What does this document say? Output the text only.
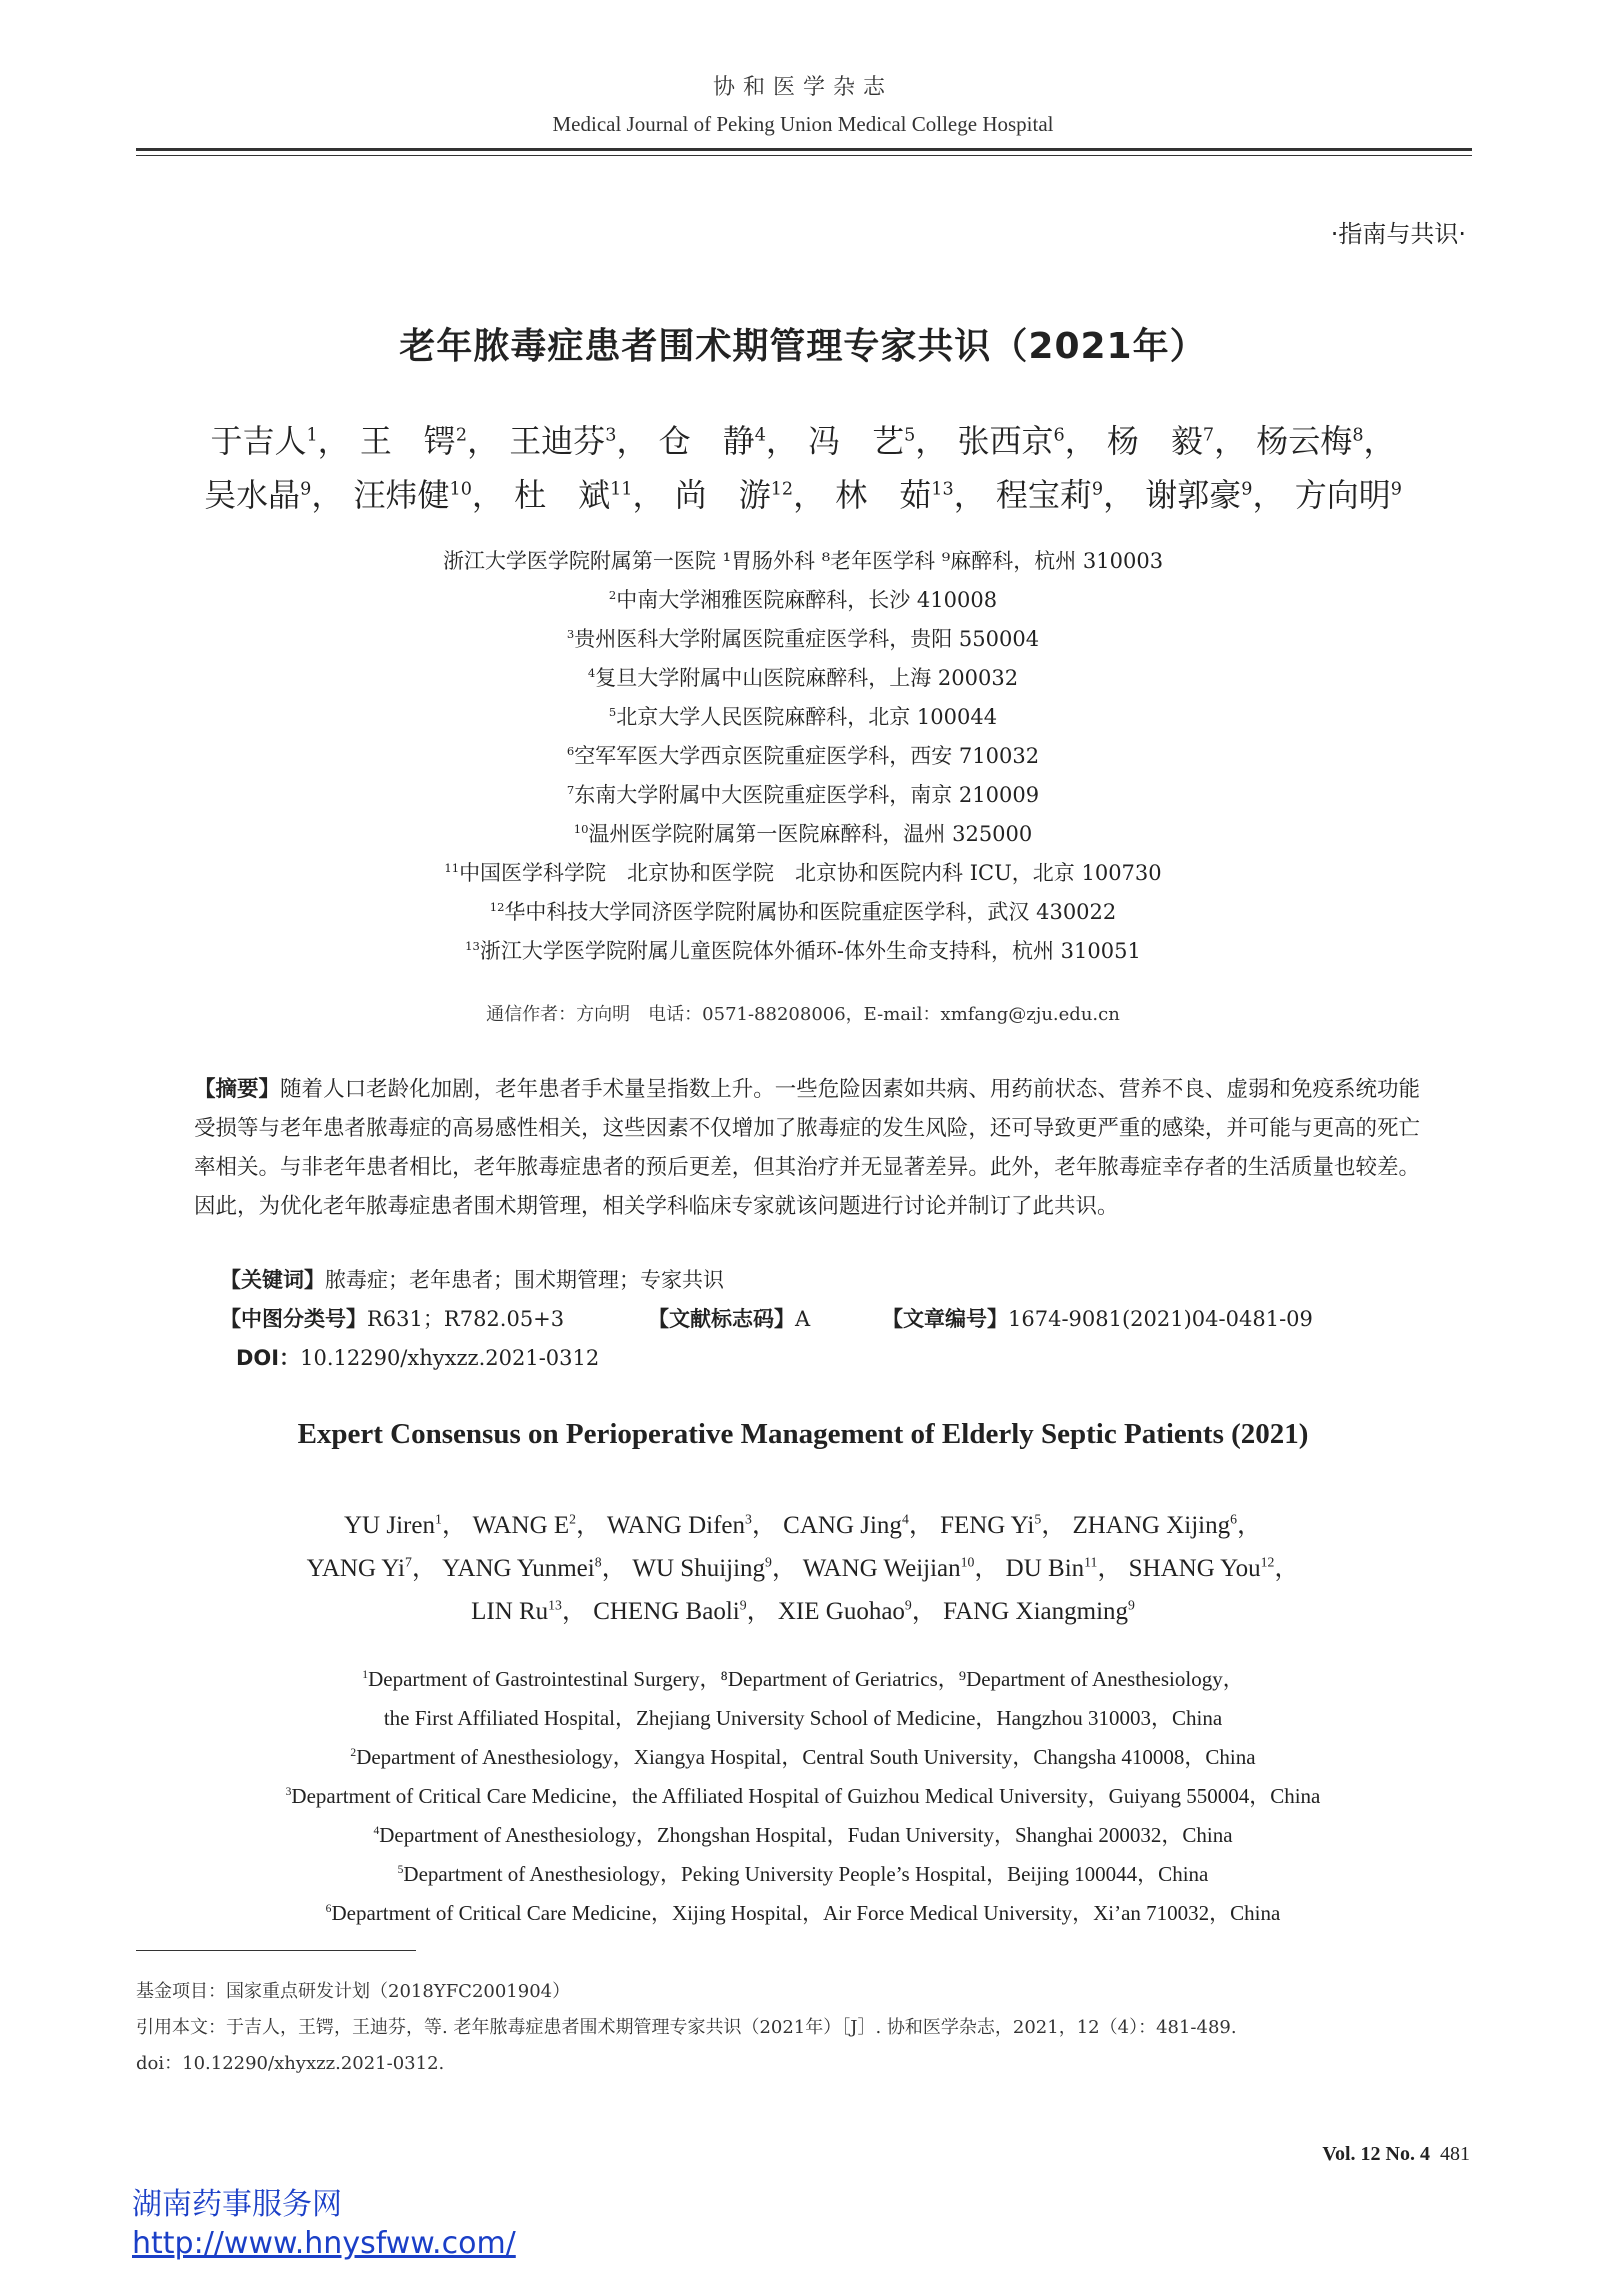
协和医学杂志
Medical Journal of Peking Union Medical College Hospital
·指南与共识·
老年脓毒症患者围术期管理专家共识（2021年）
于吉人$^1$， 王　锷$^2$， 王迪芬$^3$， 仓　静$^4$， 冯　艺$^5$， 张西京$^6$， 杨　毅$^7$， 杨云梅$^8$，
吴水晶$^9$， 汪炜健$^{10}$， 杜　斌$^{11}$， 尚　游$^{12}$， 林　茹$^{13}$， 程宝莉$^9$， 谢郭豪$^9$， 方向明$^9$
浙江大学医学院附属第一医院 ¹胃肠外科 ⁸老年医学科 ⁹麻醉科，杭州 310003
$^2$中南大学湘雅医院麻醉科，长沙 410008
$^3$贵州医科大学附属医院重症医学科，贵阳 550004
$^4$复旦大学附属中山医院麻醉科，上海 200032
$^5$北京大学人民医院麻醉科，北京 100044
$^6$空军军医大学西京医院重症医学科，西安 710032
$^7$东南大学附属中大医院重症医学科，南京 210009
$^{10}$温州医学院附属第一医院麻醉科，温州 325000
$^{11}$中国医学科学院　北京协和医学院　北京协和医院内科 ICU，北京 100730
$^{12}$华中科技大学同济医学院附属协和医院重症医学科，武汉 430022
$^{13}$浙江大学医学院附属儿童医院体外循环-体外生命支持科，杭州 310051
通信作者：方向明　电话：0571-88208006，E-mail：xmfang@zju.edu.cn
【摘要】随着人口老龄化加剧，老年患者手术量呈指数上升。一些危险因素如共病、用药前状态、营养不良、虚弱和免疫系统功能受损等与老年患者脓毒症的高易感性相关，这些因素不仅增加了脓毒症的发生风险，还可导致更严重的感染，并可能与更高的死亡率相关。与非老年患者相比，老年脓毒症患者的预后更差，但其治疗并无显著差异。此外，老年脓毒症幸存者的生活质量也较差。因此，为优化老年脓毒症患者围术期管理，相关学科临床专家就该问题进行讨论并制订了此共识。
【关键词】脓毒症；老年患者；围术期管理；专家共识
【中图分类号】R631；R782.05+3	【文献标志码】A	【文章编号】1674-9081(2021)04-0481-09
DOI：10.12290/xhyxzz.2021-0312
Expert Consensus on Perioperative Management of Elderly Septic Patients (2021)
YU Jiren$^1$， WANG $E^2$， WANG Difen$^3$， CANG Jing$^4$， FENG Yi$^5$， ZHANG Xijing$^6$，
YANG Yi$^7$， YANG Yunmei$^8$， WU Shuijing$^9$， WANG Weijian$^{10}$， DU Bin$^{11}$， SHANG You$^{12}$，
LIN Ru$^{13}$， CHENG Baoli$^9$， XIE Guohao$^9$， FANG Xiangming$^9$
$^1$Department of Gastrointestinal Surgery，⁸Department of Geriatrics，⁹Department of Anesthesiology，
the First Affiliated Hospital，Zhejiang University School of Medicine，Hangzhou 310003，China
$^2$Department of Anesthesiology，Xiangya Hospital，Central South University，Changsha 410008，China
$^3$Department of Critical Care Medicine，the Affiliated Hospital of Guizhou Medical University，Guiyang 550004，China
$^4$Department of Anesthesiology，Zhongshan Hospital，Fudan University，Shanghai 200032，China
$^5$Department of Anesthesiology，Peking University People’s Hospital，Beijing 100044，China
$^6$Department of Critical Care Medicine，Xijing Hospital，Air Force Medical University，Xi’an 710032，China
基金项目：国家重点研发计划（2018YFC2001904）
引用本文：于吉人，王锷，王迪芬，等. 老年脓毒症患者围术期管理专家共识（2021年）［J］. 协和医学杂志，2021，12（4）：481-489.
doi：10.12290/xhyxzz.2021-0312.
Vol. 12 No. 4 481
湖南药事服务网
http://www.hnysfww.com/
